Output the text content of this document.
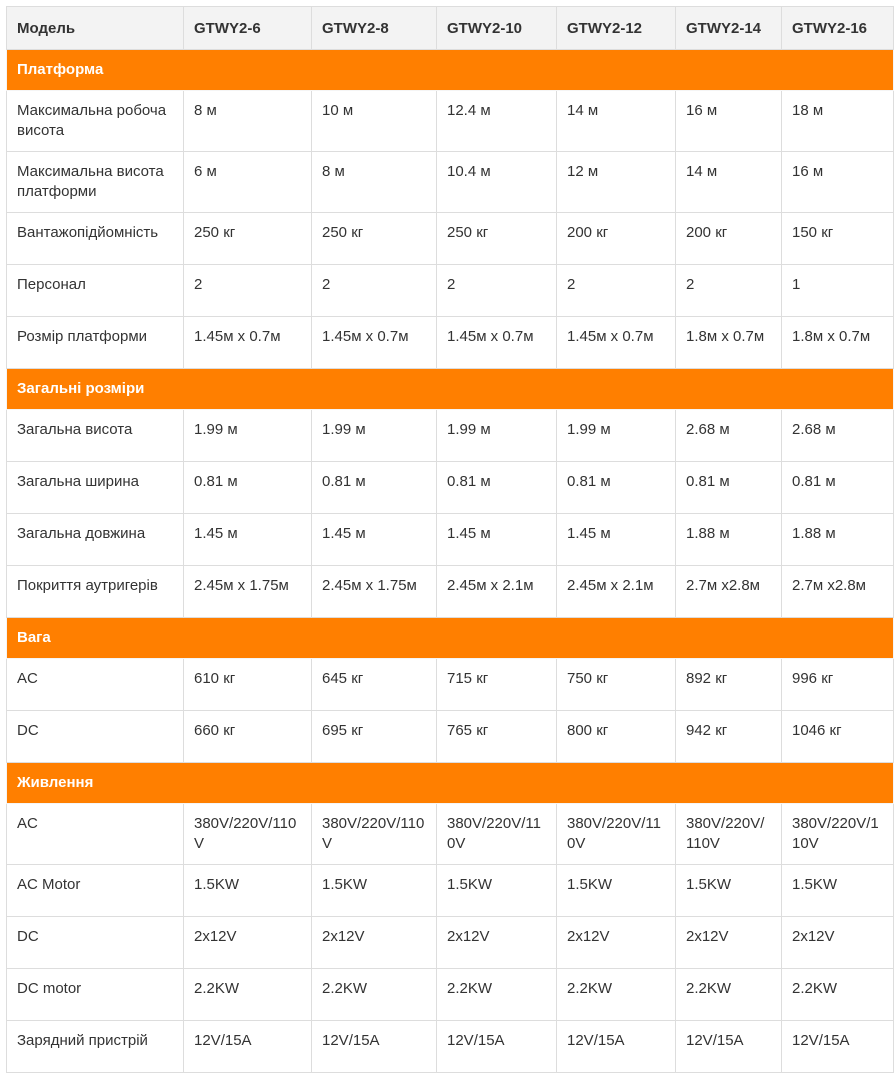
Модель	GTWY2-6	GTWY2-8	GTWY2-10	GTWY2-12	GTWY2-14	GTWY2-16
Платформа						
Максимальна робоча висота	8 м	10 м	12.4 м	14 м	16 м	18 м
Максимальна висота платформи	6 м	8 м	10.4 м	12 м	14 м	16 м
Вантажопідйомність	250 кг	250 кг	250 кг	200 кг	200 кг	150 кг
Персонал	2	2	2	2	2	1
Розмір платформи	1.45м х 0.7м	1.45м х 0.7м	1.45м х 0.7м	1.45м х 0.7м	1.8м х 0.7м	1.8м х 0.7м
Загальні розміри						
Загальна висота	1.99 м	1.99 м	1.99 м	1.99 м	2.68 м	2.68 м
Загальна ширина	0.81 м	0.81 м	0.81 м	0.81 м	0.81 м	0.81 м
Загальна довжина	1.45 м	1.45 м	1.45 м	1.45 м	1.88 м	1.88 м
Покриття аутригерів	2.45м х 1.75м	2.45м х 1.75м	2.45м х 2.1м	2.45м х 2.1м	2.7м х2.8м	2.7м х2.8м
Вага						
AC	610 кг	645 кг	715 кг	750 кг	892 кг	996 кг
DC	660 кг	695 кг	765 кг	800 кг	942 кг	1046 кг
Живлення						
AC	380V/220V/110V	380V/220V/110V	380V/220V/110V	380V/220V/110V	380V/220V/110V	380V/220V/110V
AC Motor	1.5KW	1.5KW	1.5KW	1.5KW	1.5KW	1.5KW
DC	2x12V	2x12V	2x12V	2x12V	2x12V	2x12V
DC motor	2.2KW	2.2KW	2.2KW	2.2KW	2.2KW	2.2KW
Зарядний пристрій	12V/15A	12V/15A	12V/15A	12V/15A	12V/15A	12V/15A
